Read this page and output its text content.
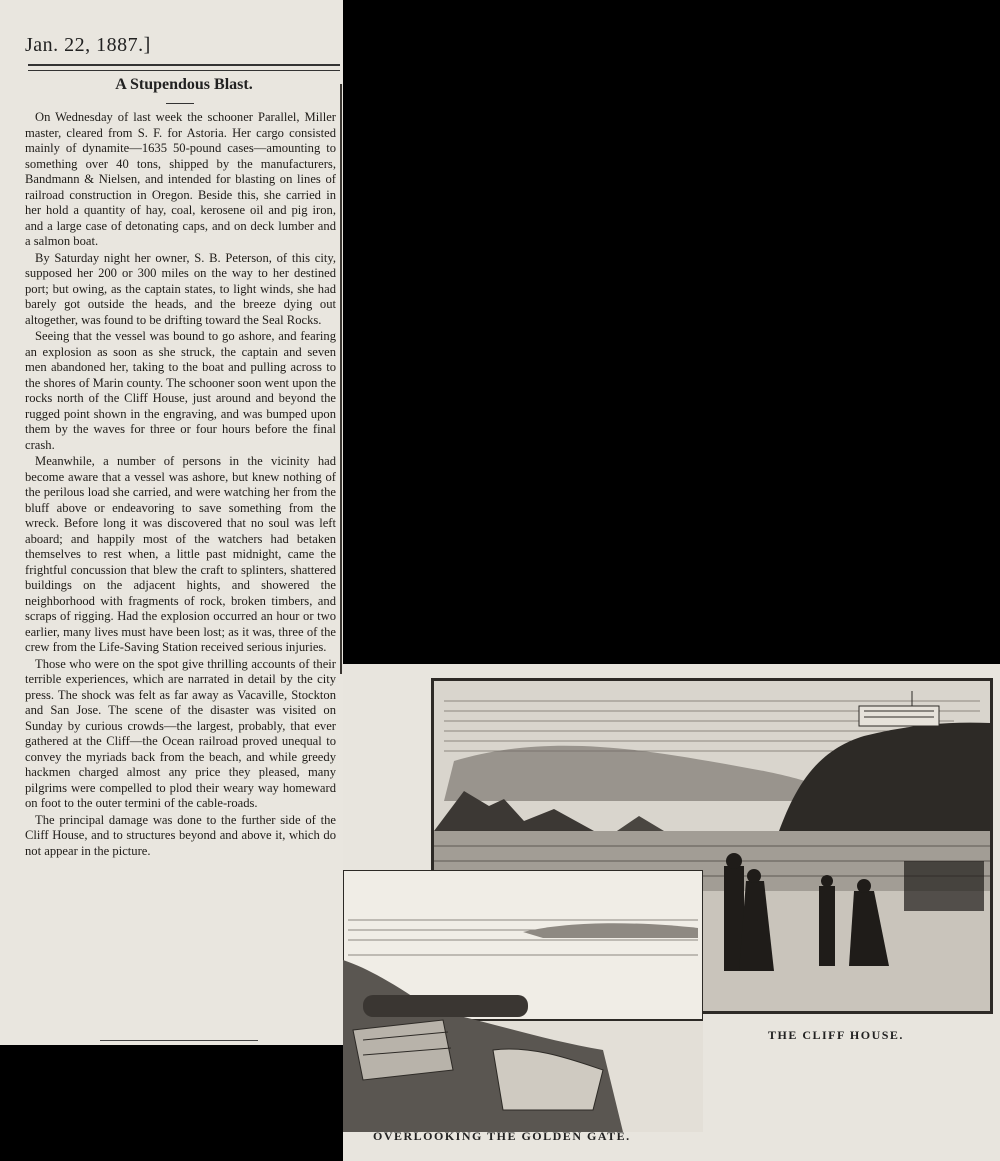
Jan. 22, 1887.]
A Stupendous Blast.

On Wednesday of last week the schooner Parallel, Miller master, cleared from S. F. for Astoria. Her cargo consisted mainly of dynamite—1635 50-pound cases—amounting to something over 40 tons, shipped by the manufacturers, Bandmann & Nielsen, and intended for blasting on lines of railroad construction in Oregon. Beside this, she carried in her hold a quantity of hay, coal, kerosene oil and pig iron, and a large case of detonating caps, and on deck lumber and a salmon boat.

By Saturday night her owner, S. B. Peterson, of this city, supposed her 200 or 300 miles on the way to her destined port; but owing, as the captain states, to light winds, she had barely got outside the heads, and the breeze dying out altogether, was found to be drifting toward the Seal Rocks.

Seeing that the vessel was bound to go ashore, and fearing an explosion as soon as she struck, the captain and seven men abandoned her, taking to the boat and pulling across to the shores of Marin county. The schooner soon went upon the rocks north of the Cliff House, just around and beyond the rugged point shown in the engraving, and was bumped upon them by the waves for three or four hours before the final crash.

Meanwhile, a number of persons in the vicinity had become aware that a vessel was ashore, but knew nothing of the perilous load she carried, and were watching her from the bluff above or endeavoring to save something from the wreck. Before long it was discovered that no soul was left aboard; and happily most of the watchers had betaken themselves to rest when, a little past midnight, came the frightful concussion that blew the craft to splinters, shattered buildings on the adjacent hights, and showered the neighborhood with fragments of rock, broken timbers, and scraps of rigging. Had the explosion occurred an hour or two earlier, many lives must have been lost; as it was, three of the crew from the Life-Saving Station received serious injuries.

Those who were on the spot give thrilling accounts of their terrible experiences, which are narrated in detail by the city press. The shock was felt as far away as Vacaville, Stockton and San Jose. The scene of the disaster was visited on Sunday by curious crowds—the largest, probably, that ever gathered at the Cliff—the Ocean railroad proved unequal to convey the myriads back from the beach, and while greedy hackmen charged almost any price they pleased, many pilgrims were compelled to plod their weary way homeward on foot to the outer termini of the cable-roads.

The principal damage was done to the further side of the Cliff House, and to structures beyond and above it, which do not appear in the picture.

THE CLIFF HOUSE.
OVERLOOKING THE GOLDEN GATE.
